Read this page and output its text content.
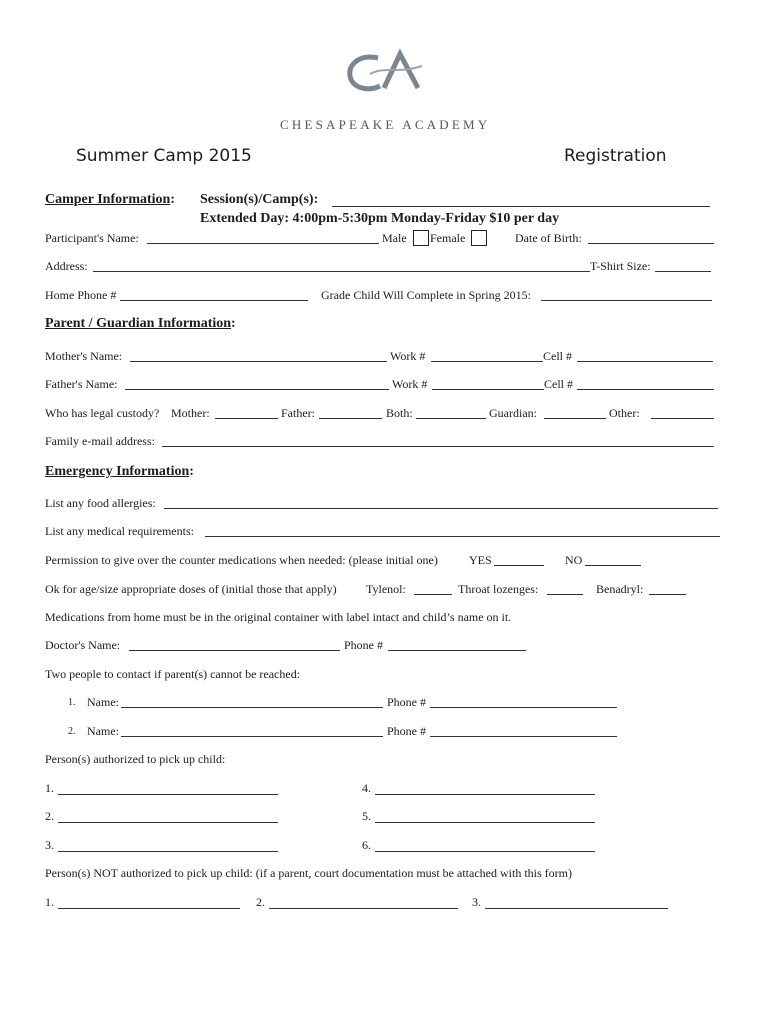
CHESAPEAKE ACADEMY
Summer Camp 2015	Registration
Camper Information: Session(s)/Camp(s):
Extended Day: 4:00pm-5:30pm Monday-Friday $10 per day
Participant's Name:	Male Female	Date of Birth:
Address:	T-Shirt Size:
Home Phone #	Grade Child Will Complete in Spring 2015:
Parent / Guardian Information:
Mother's Name:	Work #	Cell #
Father's Name:	Work #	Cell #
Who has legal custody? Mother:	Father:	Both:	Guardian:	Other:
Family e-mail address:
Emergency Information:
List any food allergies:
List any medical requirements:
Permission to give over the counter medications when needed: (please initial one)	YES	NO
Ok for age/size appropriate doses of (initial those that apply) Tylenol:	Throat lozenges:	Benadryl:
Medications from home must be in the original container with label intact and child’s name on it.
Doctor's Name:	Phone #
Two people to contact if parent(s) cannot be reached:
1. Name:	Phone #
2. Name:	Phone #
Person(s) authorized to pick up child:
1.	4.
2.	5.
3.	6.
Person(s) NOT authorized to pick up child: (if a parent, court documentation must be attached with this form)
1.	2.	3.
